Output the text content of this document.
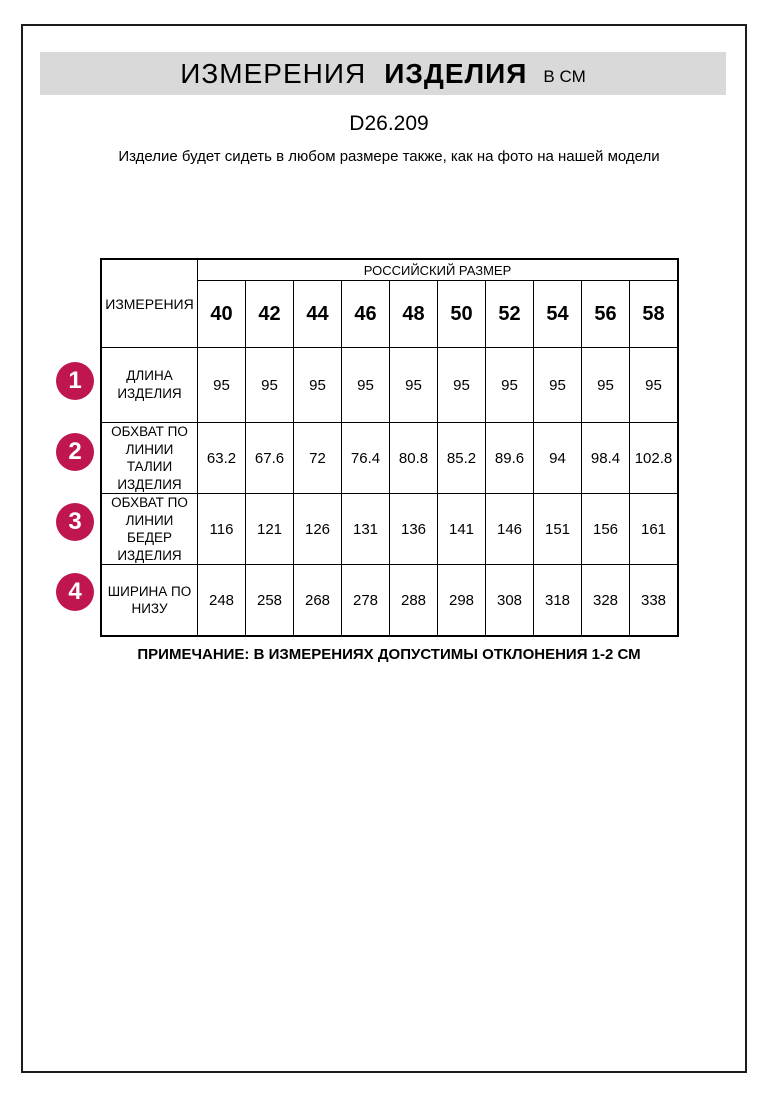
ИЗМЕРЕНИЯ ИЗДЕЛИЯ В СМ
D26.209
Изделие будет сидеть в любом размере также, как на фото на нашей модели
ИЗМЕРЕНИЯ	РОССИЙСКИЙ РАЗМЕР									
	40	42	44	46	48	50	52	54	56	58
ДЛИНА ИЗДЕЛИЯ	95	95	95	95	95	95	95	95	95	95
ОБХВАТ ПО ЛИНИИ ТАЛИИ ИЗДЕЛИЯ	63.2	67.6	72	76.4	80.8	85.2	89.6	94	98.4	102.8
ОБХВАТ ПО ЛИНИИ БЕДЕР ИЗДЕЛИЯ	116	121	126	131	136	141	146	151	156	161
ШИРИНА ПО НИЗУ	248	258	268	278	288	298	308	318	328	338
1
2
3
4
ПРИМЕЧАНИЕ: В ИЗМЕРЕНИЯХ ДОПУСТИМЫ ОТКЛОНЕНИЯ 1-2 СМ
